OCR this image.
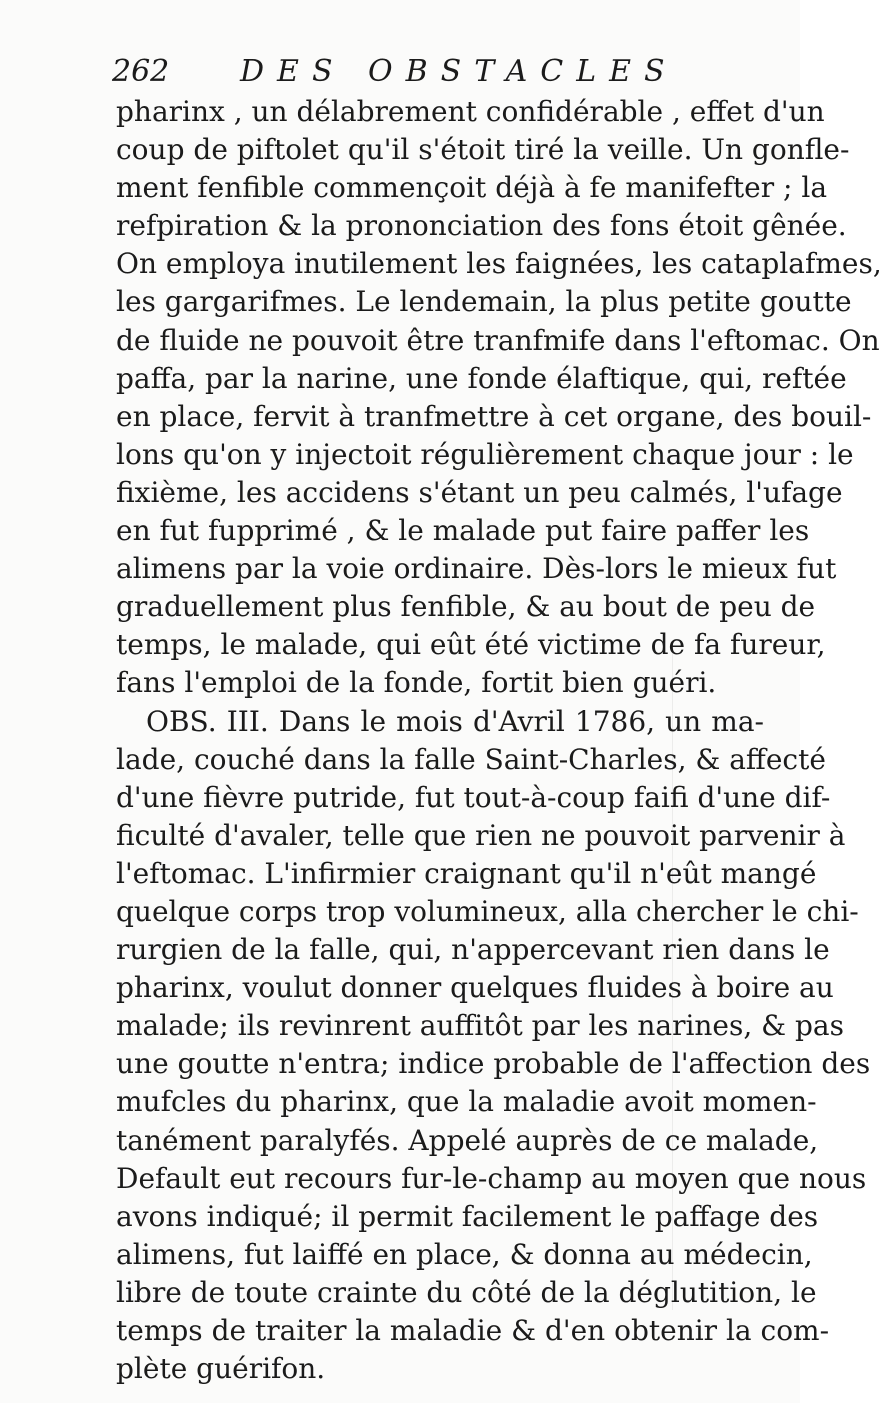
262 DES OBSTACLES
pharinx , un délabrement confidérable , effet d'un
coup de piftolet qu'il s'étoit tiré la veille. Un gonfle-
ment fenfible commençoit déjà à fe manifefter ; la
refpiration & la prononciation des fons étoit gênée.
On employa inutilement les faignées, les cataplafmes,
les gargarifmes. Le lendemain, la plus petite goutte
de fluide ne pouvoit être tranfmife dans l'eftomac. On
paffa, par la narine, une fonde élaftique, qui, reftée
en place, fervit à tranfmettre à cet organe, des bouil-
lons qu'on y injectoit régulièrement chaque jour : le
fixième, les accidens s'étant un peu calmés, l'ufage
en fut fupprimé , & le malade put faire paffer les
alimens par la voie ordinaire. Dès-lors le mieux fut
graduellement plus fenfible, & au bout de peu de
temps, le malade, qui eût été victime de fa fureur,
fans l'emploi de la fonde, fortit bien guéri.
OBS. III. Dans le mois d'Avril 1786, un ma-
lade, couché dans la falle Saint-Charles, & affecté
d'une fièvre putride, fut tout-à-coup faifi d'une dif-
ficulté d'avaler, telle que rien ne pouvoit parvenir à
l'eftomac. L'infirmier craignant qu'il n'eût mangé
quelque corps trop volumineux, alla chercher le chi-
rurgien de la falle, qui, n'appercevant rien dans le
pharinx, voulut donner quelques fluides à boire au
malade; ils revinrent auffitôt par les narines, & pas
une goutte n'entra; indice probable de l'affection des
mufcles du pharinx, que la maladie avoit momen-
tanément paralyfés. Appelé auprès de ce malade,
Default eut recours fur-le-champ au moyen que nous
avons indiqué; il permit facilement le paffage des
alimens, fut laiffé en place, & donna au médecin,
libre de toute crainte du côté de la déglutition, le
temps de traiter la maladie & d'en obtenir la com-
plète guérifon.
